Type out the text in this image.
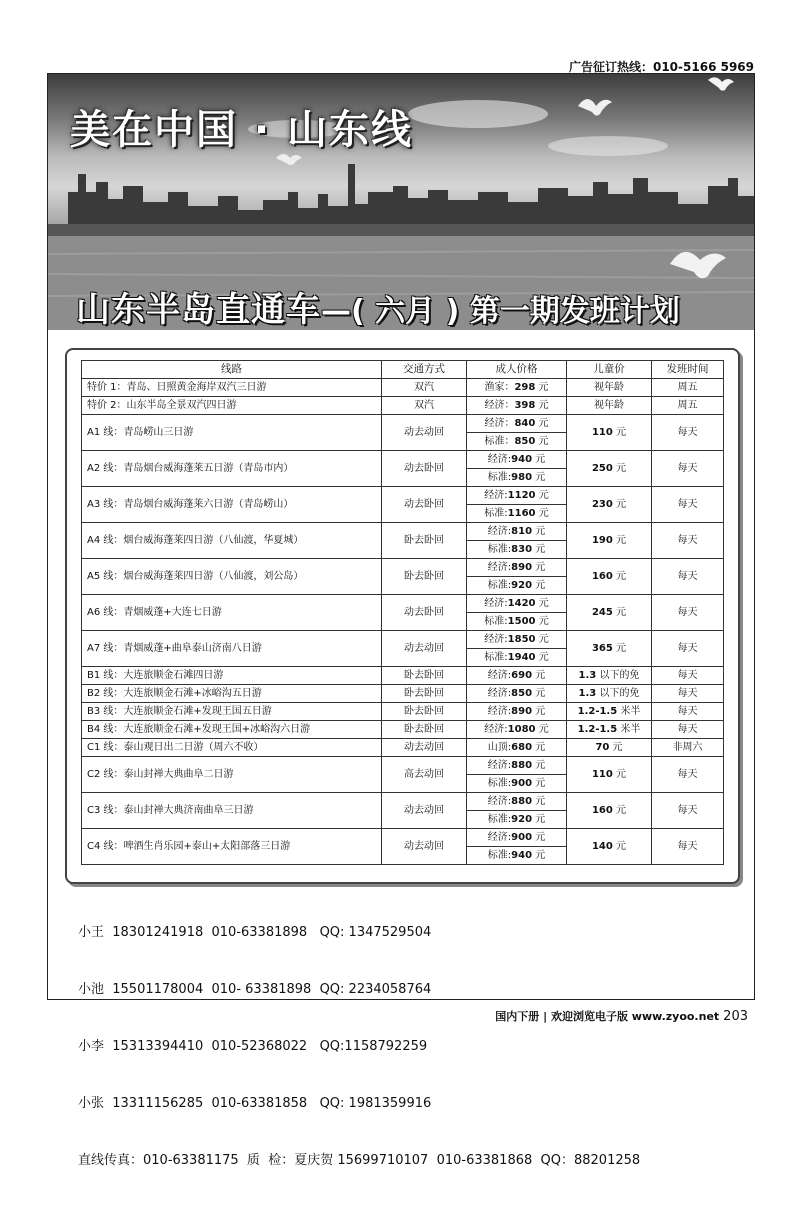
广告征订热线：010-5166 5969
美在中国 · 山东线
山东半岛直通车—( 六月 ) 第一期发班计划
线路	交通方式	成人价格	儿童价	发班时间
特价 1：青岛、日照黄金海岸双汽三日游	双汽	渔家：298 元	视年龄	周五
特价 2：山东半岛全景双汽四日游	双汽	经济：398 元	视年龄	周五
A1 线：青岛崂山三日游	动去动回	经济：840 元
标准：850 元	110 元	每天
A2 线：青岛烟台威海蓬莱五日游（青岛市内）	动去卧回	经济:940 元
标准:980 元	250 元	每天
A3 线：青岛烟台威海蓬莱六日游（青岛崂山）	动去卧回	经济:1120 元
标准:1160 元	230 元	每天
A4 线：烟台威海蓬莱四日游（八仙渡，华夏城）	卧去卧回	经济:810 元
标准:830 元	190 元	每天
A5 线：烟台威海蓬莱四日游（八仙渡，刘公岛）	卧去卧回	经济:890 元
标准:920 元	160 元	每天
A6 线：青烟威蓬+大连七日游	动去卧回	经济:1420 元
标准:1500 元	245 元	每天
A7 线：青烟威蓬+曲阜泰山济南八日游	动去动回	经济:1850 元
标准:1940 元	365 元	每天
B1 线：大连旅顺金石滩四日游	卧去卧回	经济:690 元	1.3 以下的免	每天
B2 线：大连旅顺金石滩+冰峪沟五日游	卧去卧回	经济:850 元	1.3 以下的免	每天
B3 线：大连旅顺金石滩+发现王国五日游	卧去卧回	经济:890 元	1.2-1.5 米半	每天
B4 线：大连旅顺金石滩+发现王国+冰峪沟六日游	卧去卧回	经济:1080 元	1.2-1.5 米半	每天
C1 线：泰山观日出二日游（周六不收）	动去动回	山顶:680 元	70 元	非周六
C2 线：泰山封禅大典曲阜二日游	高去动回	经济:880 元
标准:900 元	110 元	每天
C3 线：泰山封禅大典济南曲阜三日游	动去动回	经济:880 元
标准:920 元	160 元	每天
C4 线：啤酒生肖乐园+泰山+太阳部落三日游	动去动回	经济:900 元
标准:940 元	140 元	每天

小王  18301241918  010-63381898   QQ: 1347529504

小池  15501178004  010- 63381898  QQ: 2234058764

小李  15313394410  010-52368022   QQ:1158792259

小张  13311156285  010-63381858   QQ: 1981359916

直线传真：010-63381175  质  检：夏庆贺 15699710107  010-63381868  QQ：88201258

国内下册 | 欢迎浏览电子版 www.zyoo.net 203
